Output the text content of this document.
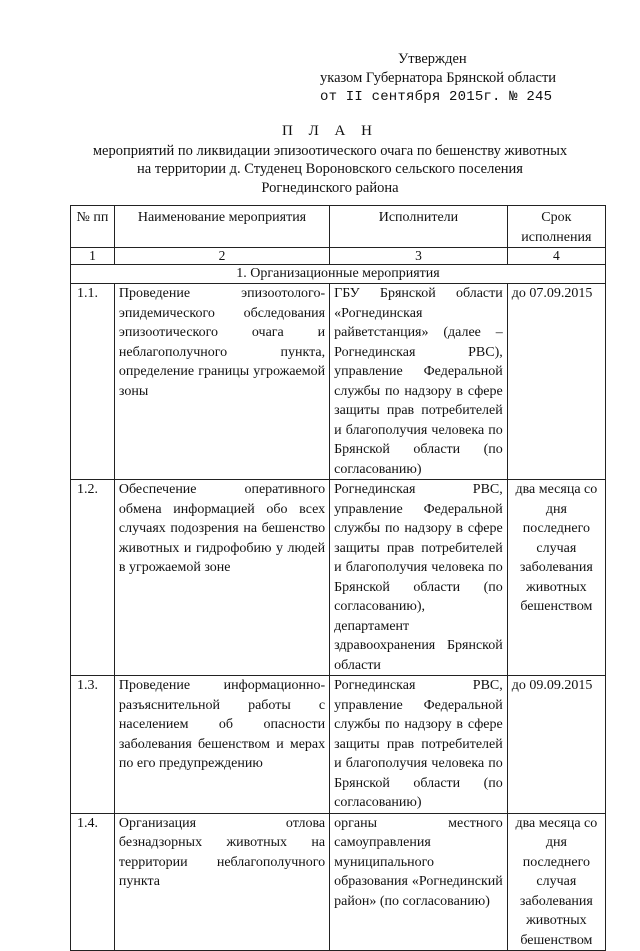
Утвержден
указом Губернатора Брянской области
от II сентября 2015г. № 245
П Л А Н
мероприятий по ликвидации эпизоотического очага по бешенству животных
на территории д. Студенец Вороновского сельского поселения
Рогнединского района
№ пп	Наименование мероприятия	Исполнители	Срок исполнения
1	2	3	4
1. Организационные мероприятия			
1.1.	Проведение эпизоотолого-эпидемического обследования эпизоотического очага и неблагополучного пункта, определение границы угрожаемой зоны	ГБУ Брянской области «Рогнединская райветстанция» (далее – Рогнединская РВС), управление Федеральной службы по надзору в сфере защиты прав потребителей и благополучия человека по Брянской области (по согласованию)	до 07.09.2015
1.2.	Обеспечение оперативного обмена информацией обо всех случаях подозрения на бешенство животных и гидрофобию у людей в угрожаемой зоне	Рогнединская РВС, управление Федеральной службы по надзору в сфере защиты прав потребителей и благополучия человека по Брянской области (по согласованию), департамент здравоохранения Брянской области	два месяца со дня последнего случая заболевания животных бешенством
1.3.	Проведение информационно-разъяснительной работы с населением об опасности заболевания бешенством и мерах по его предупреждению	Рогнединская РВС, управление Федеральной службы по надзору в сфере защиты прав потребителей и благополучия человека по Брянской области (по согласованию)	до 09.09.2015
1.4.	Организация отлова безнадзорных животных на территории неблагополучного пункта	органы местного самоуправления муниципального образования «Рогнединский район» (по согласованию)	два месяца со дня последнего случая заболевания животных бешенством
